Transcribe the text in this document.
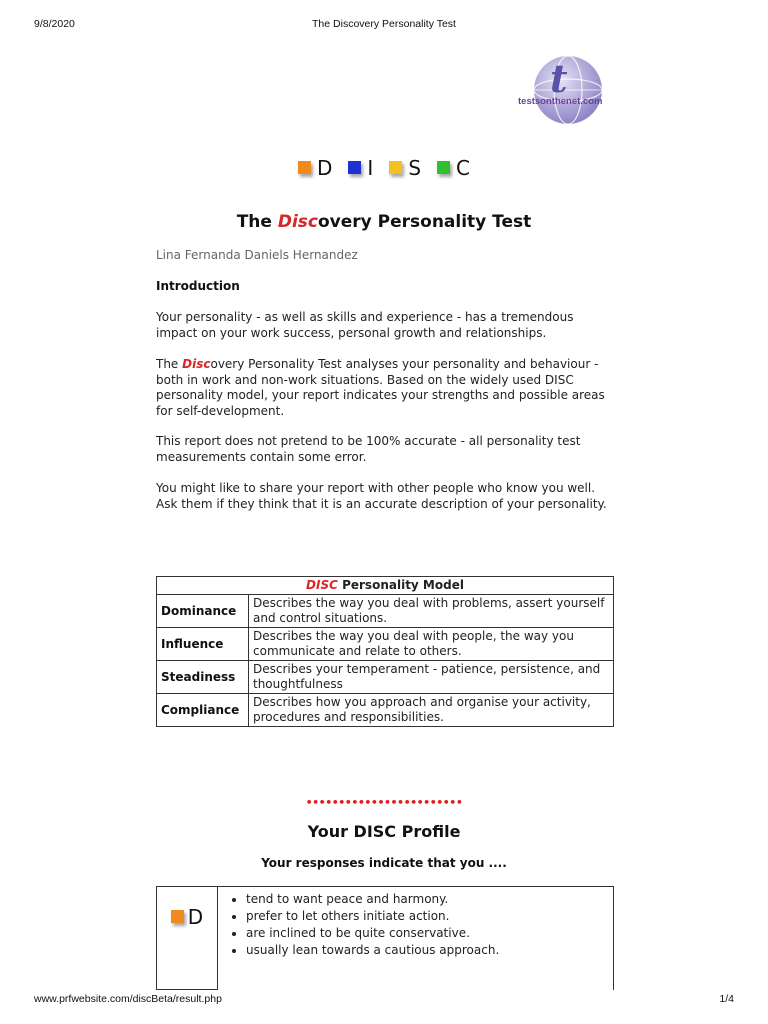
9/8/2020	The Discovery Personality Test
t
testsonthenet.com
D I S C
The Discovery Personality Test
Lina Fernanda Daniels Hernandez
Introduction

Your personality - as well as skills and experience - has a tremendous impact on your work success, personal growth and relationships.

The Discovery Personality Test analyses your personality and behaviour - both in work and non-work situations. Based on the widely used DISC personality model, your report indicates your strengths and possible areas for self-development.

This report does not pretend to be 100% accurate - all personality test measurements contain some error.

You might like to share your report with other people who know you well. Ask them if they think that it is an accurate description of your personality.

DISC Personality Model	
Dominance	Describes the way you deal with problems, assert yourself and control situations.
Influence	Describes the way you deal with people, the way you communicate and relate to others.
Steadiness	Describes your temperament - patience, persistence, and thoughtfulness
Compliance	Describes how you approach and organise your activity, procedures and responsibilities.
••••••••••••••••••••••••
Your DISC Profile
Your responses indicate that you ....
D	
• tend to want peace and harmony.
• prefer to let others initiate action.
• are inclined to be quite conservative.
• usually lean towards a cautious approach.
www.prfwebsite.com/discBeta/result.php	1/4
